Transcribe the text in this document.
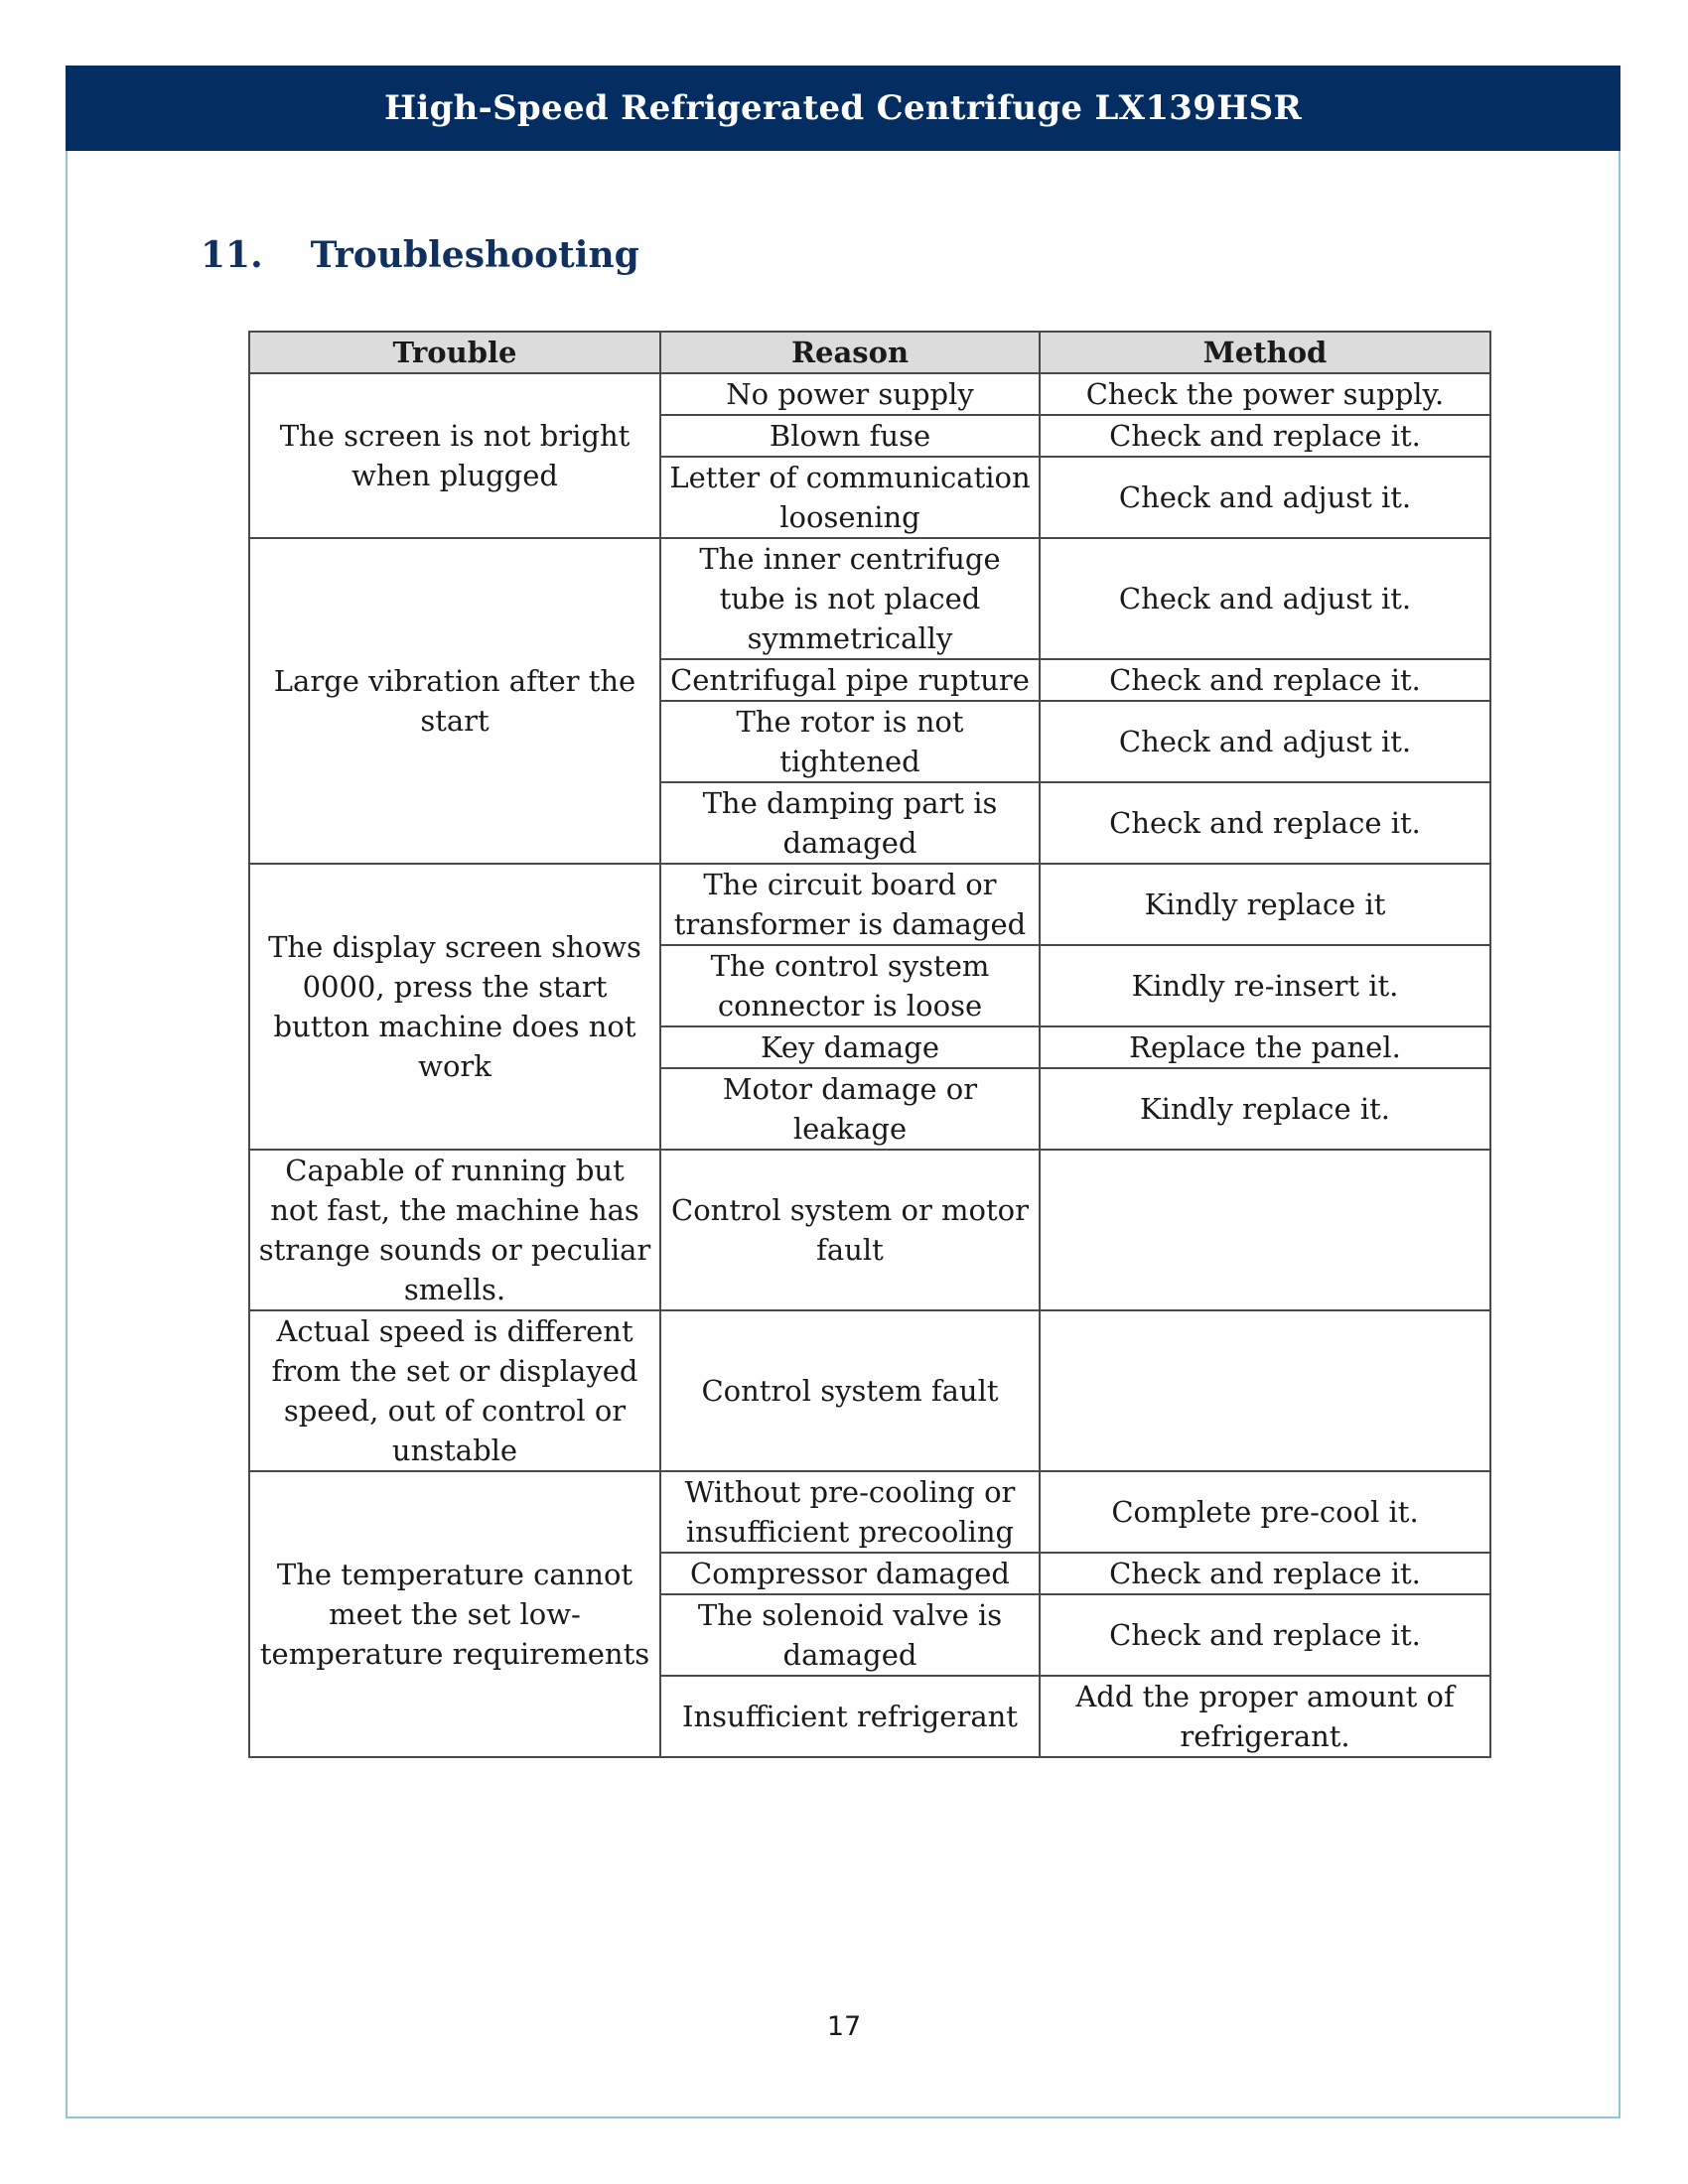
High-Speed Refrigerated Centrifuge LX139HSR
11. Troubleshooting
Trouble	Reason	Method
The screen is not bright when plugged	No power supply	Check the power supply.
	Blown fuse	Check and replace it.
	Letter of communication loosening	Check and adjust it.
Large vibration after the start	The inner centrifuge tube is not placed symmetrically	Check and adjust it.
	Centrifugal pipe rupture	Check and replace it.
	The rotor is not tightened	Check and adjust it.
	The damping part is damaged	Check and replace it.
The display screen shows 0000, press the start button machine does not work	The circuit board or transformer is damaged	Kindly replace it
	The control system connector is loose	Kindly re-insert it.
	Key damage	Replace the panel.
	Motor damage or leakage	Kindly replace it.
Capable of running but not fast, the machine has strange sounds or peculiar smells.	Control system or motor fault	
Actual speed is different from the set or displayed speed, out of control or unstable	Control system fault	
The temperature cannot meet the set low-temperature requirements	Without pre-cooling or insufficient precooling	Complete pre-cool it.
	Compressor damaged	Check and replace it.
	The solenoid valve is damaged	Check and replace it.
	Insufficient refrigerant	Add the proper amount of refrigerant.
17
